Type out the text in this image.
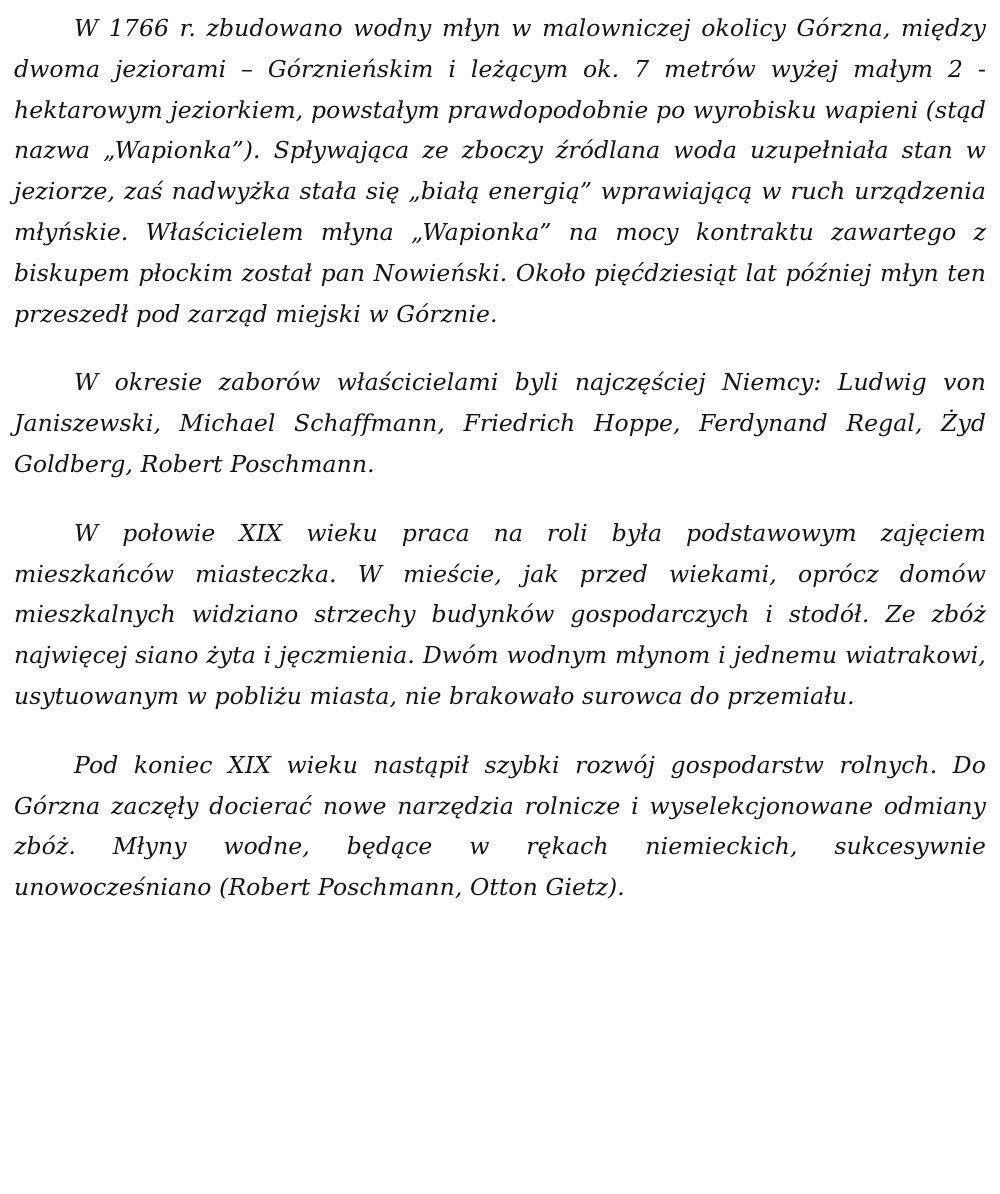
W 1766 r. zbudowano wodny młyn w malowniczej okolicy Górzna, między dwoma jeziorami – Górznieńskim i leżącym ok. 7 metrów wyżej małym 2 - hektarowym jeziorkiem, powstałym prawdopodobnie po wyrobisku wapieni (stąd nazwa „Wapionka”). Spływająca ze zboczy źródlana woda uzupełniała stan w jeziorze, zaś nadwyżka stała się „białą energią” wprawiającą w ruch urządzenia młyńskie. Właścicielem młyna „Wapionka” na mocy kontraktu zawartego z biskupem płockim został pan Nowieński. Około pięćdziesiąt lat później młyn ten przeszedł pod zarząd miejski w Górznie.

W okresie zaborów właścicielami byli najczęściej Niemcy: Ludwig von Janiszewski, Michael Schaffmann, Friedrich Hoppe, Ferdynand Regal, Żyd Goldberg, Robert Poschmann.

W połowie XIX wieku praca na roli była podstawowym zajęciem mieszkańców miasteczka. W mieście, jak przed wiekami, oprócz domów mieszkalnych widziano strzechy budynków gospodarczych i stodół. Ze zbóż najwięcej siano żyta i jęczmienia. Dwóm wodnym młynom i jednemu wiatrakowi, usytuowanym w pobliżu miasta, nie brakowało surowca do przemiału.

Pod koniec XIX wieku nastąpił szybki rozwój gospodarstw rolnych. Do Górzna zaczęły docierać nowe narzędzia rolnicze i wyselekcjonowane odmiany zbóż. Młyny wodne, będące w rękach niemieckich, sukcesywnie unowocześniano (Robert Poschmann, Otton Gietz).
